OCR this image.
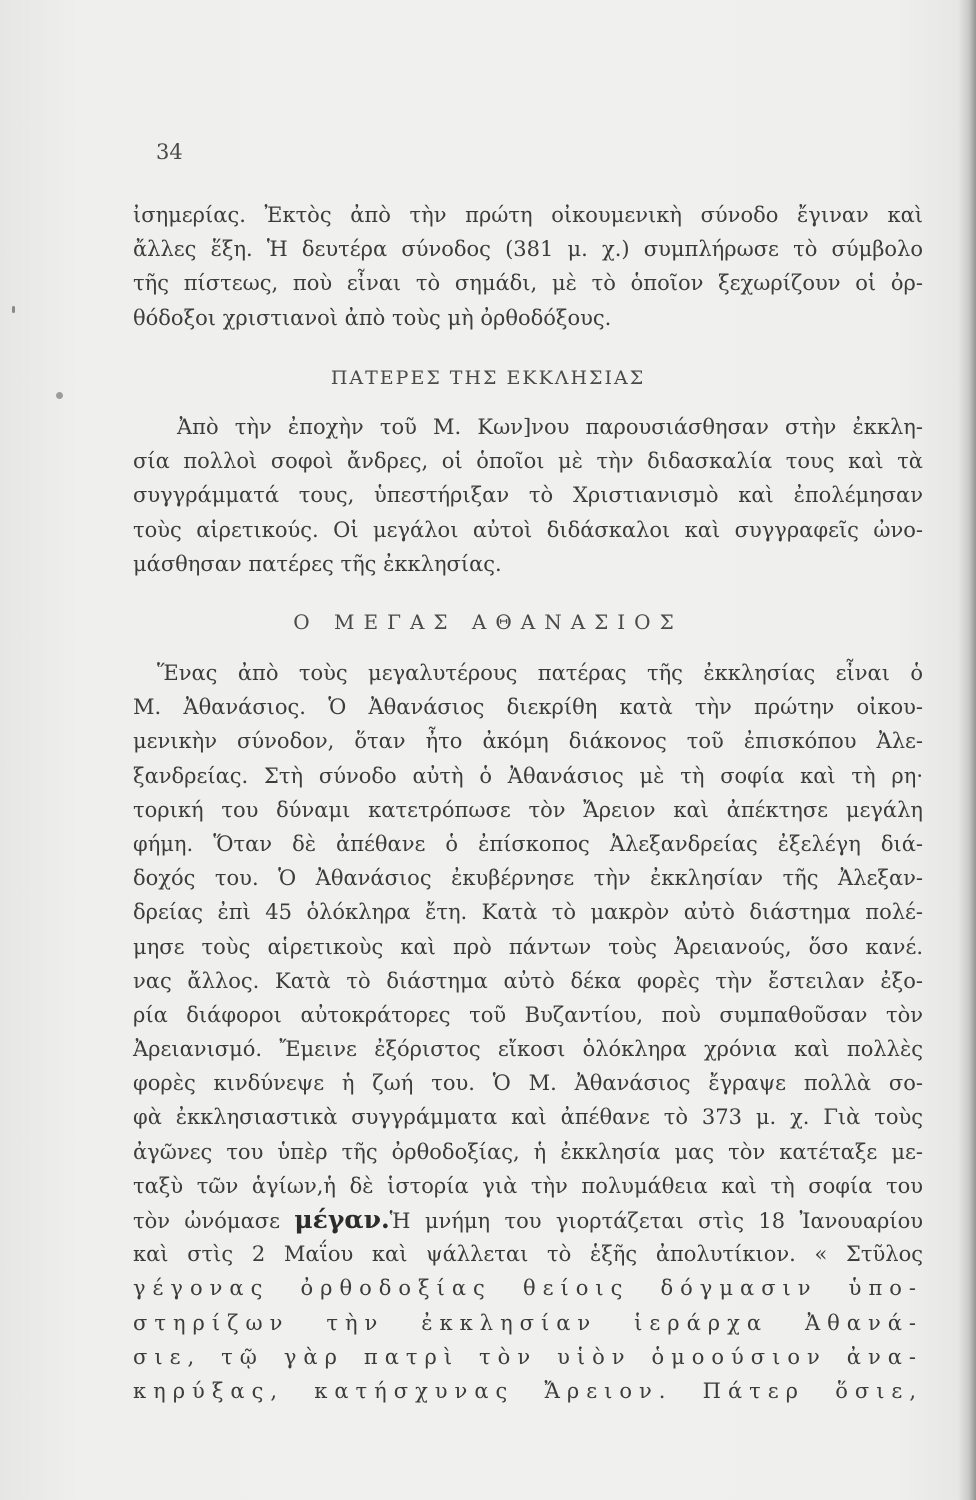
34
ἰσημερίας. Ἐκτὸς ἀπὸ τὴν πρώτη οἰκουμενικὴ σύνοδο ἔγιναν καὶ
ἄλλες ἕξη. Ἡ δευτέρα σύνοδος (381 μ. χ.) συμπλήρωσε τὸ σύμβολο
τῆς πίστεως, ποὺ εἶναι τὸ σημάδι, μὲ τὸ ὁποῖον ξεχωρίζουν οἱ ὀρ-
θόδοξοι χριστιανοὶ ἀπὸ τοὺς μὴ ὀρθοδόξους.
ΠΑΤΕΡΕΣ ΤΗΣ ΕΚΚΛΗΣΙΑΣ
Ἀπὸ τὴν ἐποχὴν τοῦ Μ. Κων]νου παρουσιάσθησαν στὴν ἐκκλη-
σία πολλοὶ σοφοὶ ἄνδρες, οἱ ὁποῖοι μὲ τὴν διδασκαλία τους καὶ τὰ
συγγράμματά τους, ὑπεστήριξαν τὸ Χριστιανισμὸ καὶ ἐπολέμησαν
τοὺς αἱρετικούς. Οἱ μεγάλοι αὐτοὶ διδάσκαλοι καὶ συγγραφεῖς ὠνο-
μάσθησαν πατέρες τῆς ἐκκλησίας.
Ο ΜΕΓΑΣ ΑΘΑΝΑΣΙΟΣ
Ἕνας ἀπὸ τοὺς μεγαλυτέρους πατέρας τῆς ἐκκλησίας εἶναι ὁ
Μ. Ἀθανάσιος. Ὁ Ἀθανάσιος διεκρίθη κατὰ τὴν πρώτην οἰκου-
μενικὴν σύνοδον, ὅταν ἦτο ἀκόμη διάκονος τοῦ ἐπισκόπου Ἀλε-
ξανδρείας. Στὴ σύνοδο αὐτὴ ὁ Ἀθανάσιος μὲ τὴ σοφία καὶ τὴ ρη·
τορική του δύναμι κατετρόπωσε τὸν Ἄρειον καὶ ἀπέκτησε μεγάλη
φήμη. Ὅταν δὲ ἀπέθανε ὁ ἐπίσκοπος Ἀλεξανδρείας ἐξελέγη διά-
δοχός του. Ὁ Ἀθανάσιος ἐκυβέρνησε τὴν ἐκκλησίαν τῆς Ἀλεξαν-
δρείας ἐπὶ 45 ὁλόκληρα ἔτη. Κατὰ τὸ μακρὸν αὐτὸ διάστημα πολέ-
μησε τοὺς αἱρετικοὺς καὶ πρὸ πάντων τοὺς Ἀρειανούς, ὅσο κανέ.
νας ἄλλος. Κατὰ τὸ διάστημα αὐτὸ δέκα φορὲς τὴν ἔστειλαν ἐξο-
ρία διάφοροι αὐτοκράτορες τοῦ Βυζαντίου, ποὺ συμπαθοῦσαν τὸν
Ἀρειανισμό. Ἔμεινε ἐξόριστος εἴκοσι ὁλόκληρα χρόνια καὶ πολλὲς
φορὲς κινδύνεψε ἡ ζωή του. Ὁ Μ. Ἀθανάσιος ἔγραψε πολλὰ σο-
φὰ ἐκκλησιαστικὰ συγγράμματα καὶ ἀπέθανε τὸ 373 μ. χ. Γιὰ τοὺς
ἀγῶνες του ὑπὲρ τῆς ὀρθοδοξίας, ἡ ἐκκλησία μας τὸν κατέταξε με-
ταξὺ τῶν ἁγίων,ἡ δὲ ἱστορία γιὰ τὴν πολυμάθεια καὶ τὴ σοφία του
τὸν ὠνόμασε μέγαν.Ἡ μνήμη του γιορτάζεται στὶς 18 Ἰανουαρίου
καὶ στὶς 2 Μαΐου καὶ ψάλλεται τὸ ἑξῆς ἀπολυτίκιον. « Στῦλος
γέγονας ὀρθοδοξίας θείοις δόγμασιν ὑπο-
στηρίζων τὴν ἐκκλησίαν ἱεράρχα Ἀθανά-
σιε, τῷ γὰρ πατρὶ τὸν υἱὸν ὁμοούσιον ἀνα-
κηρύξας, κατήσχυνας Ἄρειον. Πάτερ ὅσιε,
